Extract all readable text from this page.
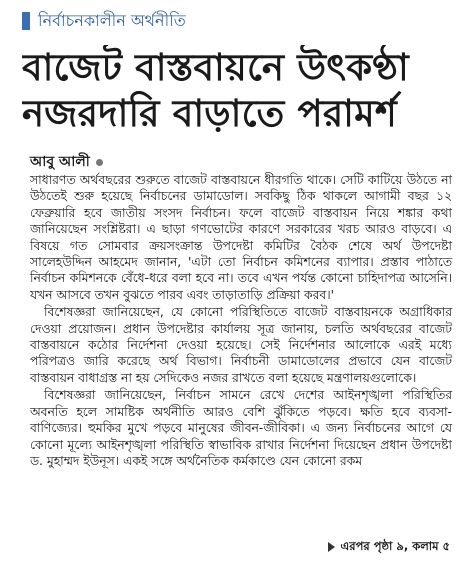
নির্বাচনকালীন অর্থনীতি
বাজেট বাস্তবায়নে উৎকণ্ঠা
নজরদারি বাড়াতে পরামর্শ
আবু আলী

সাধারণত অর্থবছরের শুরুতে বাজেট বাস্তবায়নে ধীরগতি থাকে। সেটি কাটিয়ে উঠতে না উঠতেই শুরু হয়েছে নির্বাচনের ডামাডোল। সবকিছু ঠিক থাকলে আগামী বছর ১২ ফেব্রুয়ারি হবে জাতীয় সংসদ নির্বাচন। ফলে বাজেট বাস্তবায়ন নিয়ে শঙ্কার কথা জানিয়েছেন সংশ্লিষ্টরা। এ ছাড়া গণভোটের কারণে সরকারের খরচ আরও বাড়বে। এ বিষয়ে গত সোমবার ক্রয়সংক্রান্ত উপদেষ্টা কমিটির বৈঠক শেষে অর্থ উপদেষ্টা সালেহউদ্দিন আহমেদ জানান, 'এটা তো নির্বাচন কমিশনের ব্যাপার। প্রস্তাব পাঠাতে নির্বাচন কমিশনকে বেঁধে-ধরে বলা হবে না। তবে এখন পর্যন্ত কোনো চাহিদাপত্র আসেনি। যখন আসবে তখন বুঝতে পারব এবং তাড়াতাড়ি প্রক্রিয়া করব।'

বিশেষজ্ঞরা জানিয়েছেন, যে কোনো পরিস্থিতিতে বাজেট বাস্তবায়নকে অগ্রাধিকার দেওয়া প্রয়োজন। প্রধান উপদেষ্টার কার্যালয় সূত্র জানায়, চলতি অর্থবছরের বাজেট বাস্তবায়নে কঠোর নির্দেশনা দেওয়া হয়েছে। সেই নির্দেশনার আলোকে এরই মধ্যে পরিপত্রও জারি করেছে অর্থ বিভাগ। নির্বাচনী ডামাডোলের প্রভাবে যেন বাজেট বাস্তবায়ন বাধাগ্রস্ত না হয় সেদিকেও নজর রাখতে বলা হয়েছে মন্ত্রণালয়গুলোকে।

বিশেষজ্ঞরা জানিয়েছেন, নির্বাচন সামনে রেখে দেশের আইনশৃঙ্খলা পরিস্থিতির অবনতি হলে সামষ্টিক অর্থনীতি আরও বেশি ঝুঁকিতে পড়বে। ক্ষতি হবে ব্যবসা-বাণিজ্যের। হুমকির মুখে পড়বে মানুষের জীবন-জীবিকা। এ জন্য নির্বাচনের আগে যে কোনো মূল্যে আইনশৃঙ্খলা পরিস্থিতি স্বাভাবিক রাখার নির্দেশনা দিয়েছেন প্রধান উপদেষ্টা ড. মুহাম্মদ ইউনূস। একই সঙ্গে অর্থনৈতিক কর্মকাণ্ডে যেন কোনো রকম

এরপর পৃষ্ঠা ৯, কলাম ৫
